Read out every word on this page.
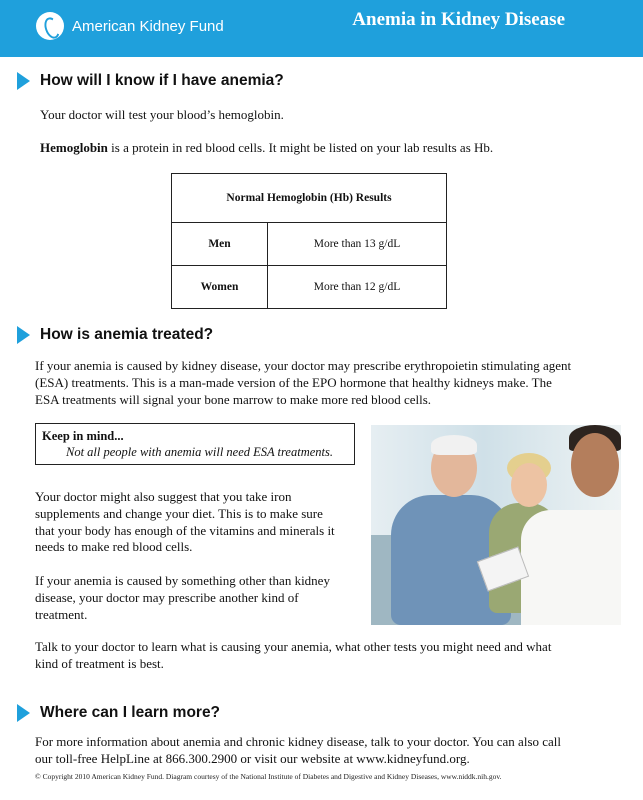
American Kidney Fund	Anemia in Kidney Disease
How will I know if I have anemia?
Your doctor will test your blood’s hemoglobin.
Hemoglobin is a protein in red blood cells. It might be listed on your lab results as Hb.
Normal Hemoglobin (Hb) Results	
Men	More than 13 g/dL
Women	More than 12 g/dL
How is anemia treated?
If your anemia is caused by kidney disease, your doctor may prescribe erythropoietin stimulating agent
(ESA) treatments. This is a man-made version of the EPO hormone that healthy kidneys make. The
ESA treatments will signal your bone marrow to make more red blood cells.
Keep in mind...
Not all people with anemia will need ESA treatments.
Your doctor might also suggest that you take iron
supplements and change your diet. This is to make sure
that your body has enough of the vitamins and minerals it
needs to make red blood cells.
If your anemia is caused by something other than kidney
disease, your doctor may prescribe another kind of
treatment.
Talk to your doctor to learn what is causing your anemia, what other tests you might need and what
kind of treatment is best.
Where can I learn more?
For more information about anemia and chronic kidney disease, talk to your doctor. You can also call
our toll-free HelpLine at 866.300.2900 or visit our website at www.kidneyfund.org.
© Copyright 2010 American Kidney Fund. Diagram courtesy of the National Institute of Diabetes and Digestive and Kidney Diseases, www.niddk.nih.gov.
